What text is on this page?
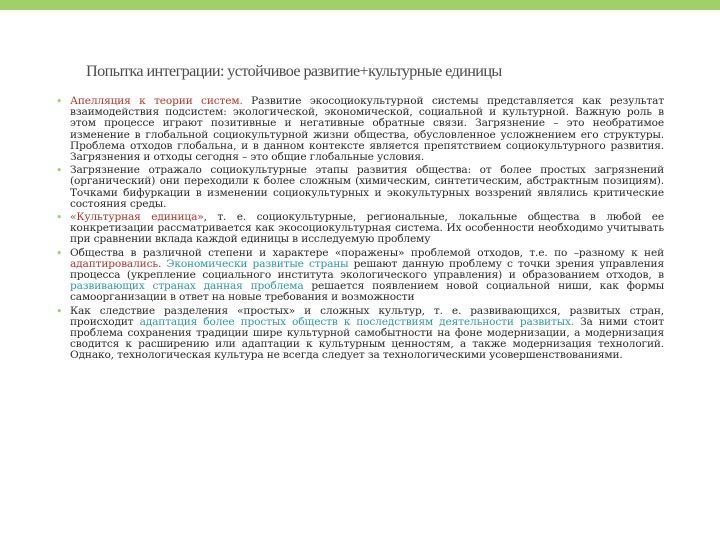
Попытка интеграции: устойчивое развитие+культурные единицы
• Апелляция к теории систем. Развитие экосоциокультурной системы представляется как результат взаимодействия подсистем: экологической, экономической, социальной и культурной. Важную роль в этом процессе играют позитивные и негативные обратные связи. Загрязнение – это необратимое изменение в глобальной социокультурной жизни общества, обусловленное усложнением его структуры. Проблема отходов глобальна, и в данном контексте является препятствием социокультурного развития. Загрязнения и отходы сегодня – это общие глобальные условия.
• Загрязнение отражало социокультурные этапы развития общества: от более простых загрязнений (органический) они переходили к более сложным (химическим, синтетическим, абстрактным позициям). Точками бифуркации в изменении социокультурных и экокультурных воззрений являлись критические состояния среды.
• «Культурная единица», т. е. социокультурные, региональные, локальные общества в любой ее конкретизации рассматривается как экосоциокультурная система. Их особенности необходимо учитывать при сравнении вклада каждой единицы в исследуемую проблему
• Общества в различной степени и характере «поражены» проблемой отходов, т.е. по –разному к ней адаптировались. Экономически развитые страны решают данную проблему с точки зрения управления процесса (укрепление социального института экологического управления) и образованием отходов, в развивающих странах данная проблема решается появлением новой социальной ниши, как формы самоорганизации в ответ на новые требования и возможности
• Как следствие разделения «простых» и сложных культур, т. е. развивающихся, развитых стран, происходит адаптация более простых обществ к последствиям деятельности развитых. За ними стоит проблема сохранения традиции шире культурной самобытности на фоне модернизации, а модернизация сводится к расширению или адаптации к культурным ценностям, а также модернизация технологий. Однако, технологическая культура не всегда следует за технологическими усовершенствованиями.
